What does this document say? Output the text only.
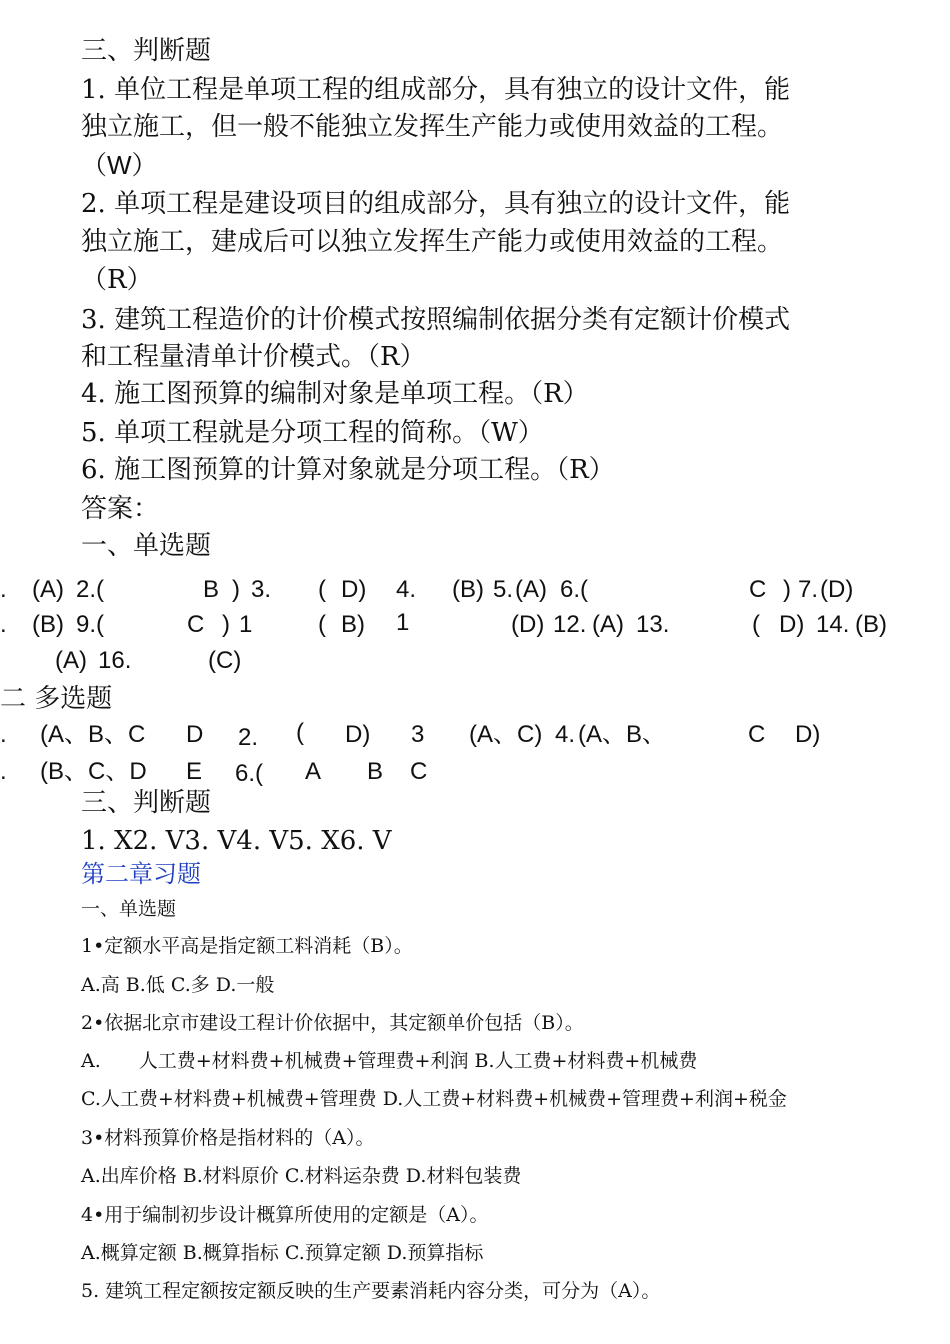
三、判断题
1. 单位工程是单项工程的组成部分，具有独立的设计文件，能
独立施工，但一般不能独立发挥生产能力或使用效益的工程。
（W）
2. 单项工程是建设项目的组成部分，具有独立的设计文件，能
独立施工，建成后可以独立发挥生产能力或使用效益的工程。
（R）
3. 建筑工程造价的计价模式按照编制依据分类有定额计价模式
和工程量清单计价模式。（R）
4. 施工图预算的编制对象是单项工程。（R）
5. 单项工程就是分项工程的简称。（W）
6. 施工图预算的计算对象就是分项工程。（R）
答案：
一、单选题
. (A) 2.(	B ) 3. ( D) 4. (B) 5. (A) 6.(	C ) 7. (D)
. (B) 9.(	C ) 1	( B) 1	(D) 12. (A) 13.	( D) 14. (B)
(A) 16.	(C)
二 多选题
. (A、B、C D 2. ( D) 3 (A、C) 4. (A、B、	C D)
. (B、C、D E 6.( A B C
三、判断题
1. X2. V3. V4. V5. X6. V
第二章习题
一、单选题
1•定额水平高是指定额工料消耗（B）。
A.高 B.低 C.多 D.一般
2•依据北京市建设工程计价依据中，其定额单价包括（B）。
A.　　人工费+材料费+机械费+管理费+利润 B.人工费+材料费+机械费
C.人工费+材料费+机械费+管理费 D.人工费+材料费+机械费+管理费+利润+税金
3•材料预算价格是指材料的（A）。
A.出库价格 B.材料原价 C.材料运杂费 D.材料包装费
4•用于编制初步设计概算所使用的定额是（A）。
A.概算定额 B.概算指标 C.预算定额 D.预算指标
5. 建筑工程定额按定额反映的生产要素消耗内容分类，可分为（A）。
